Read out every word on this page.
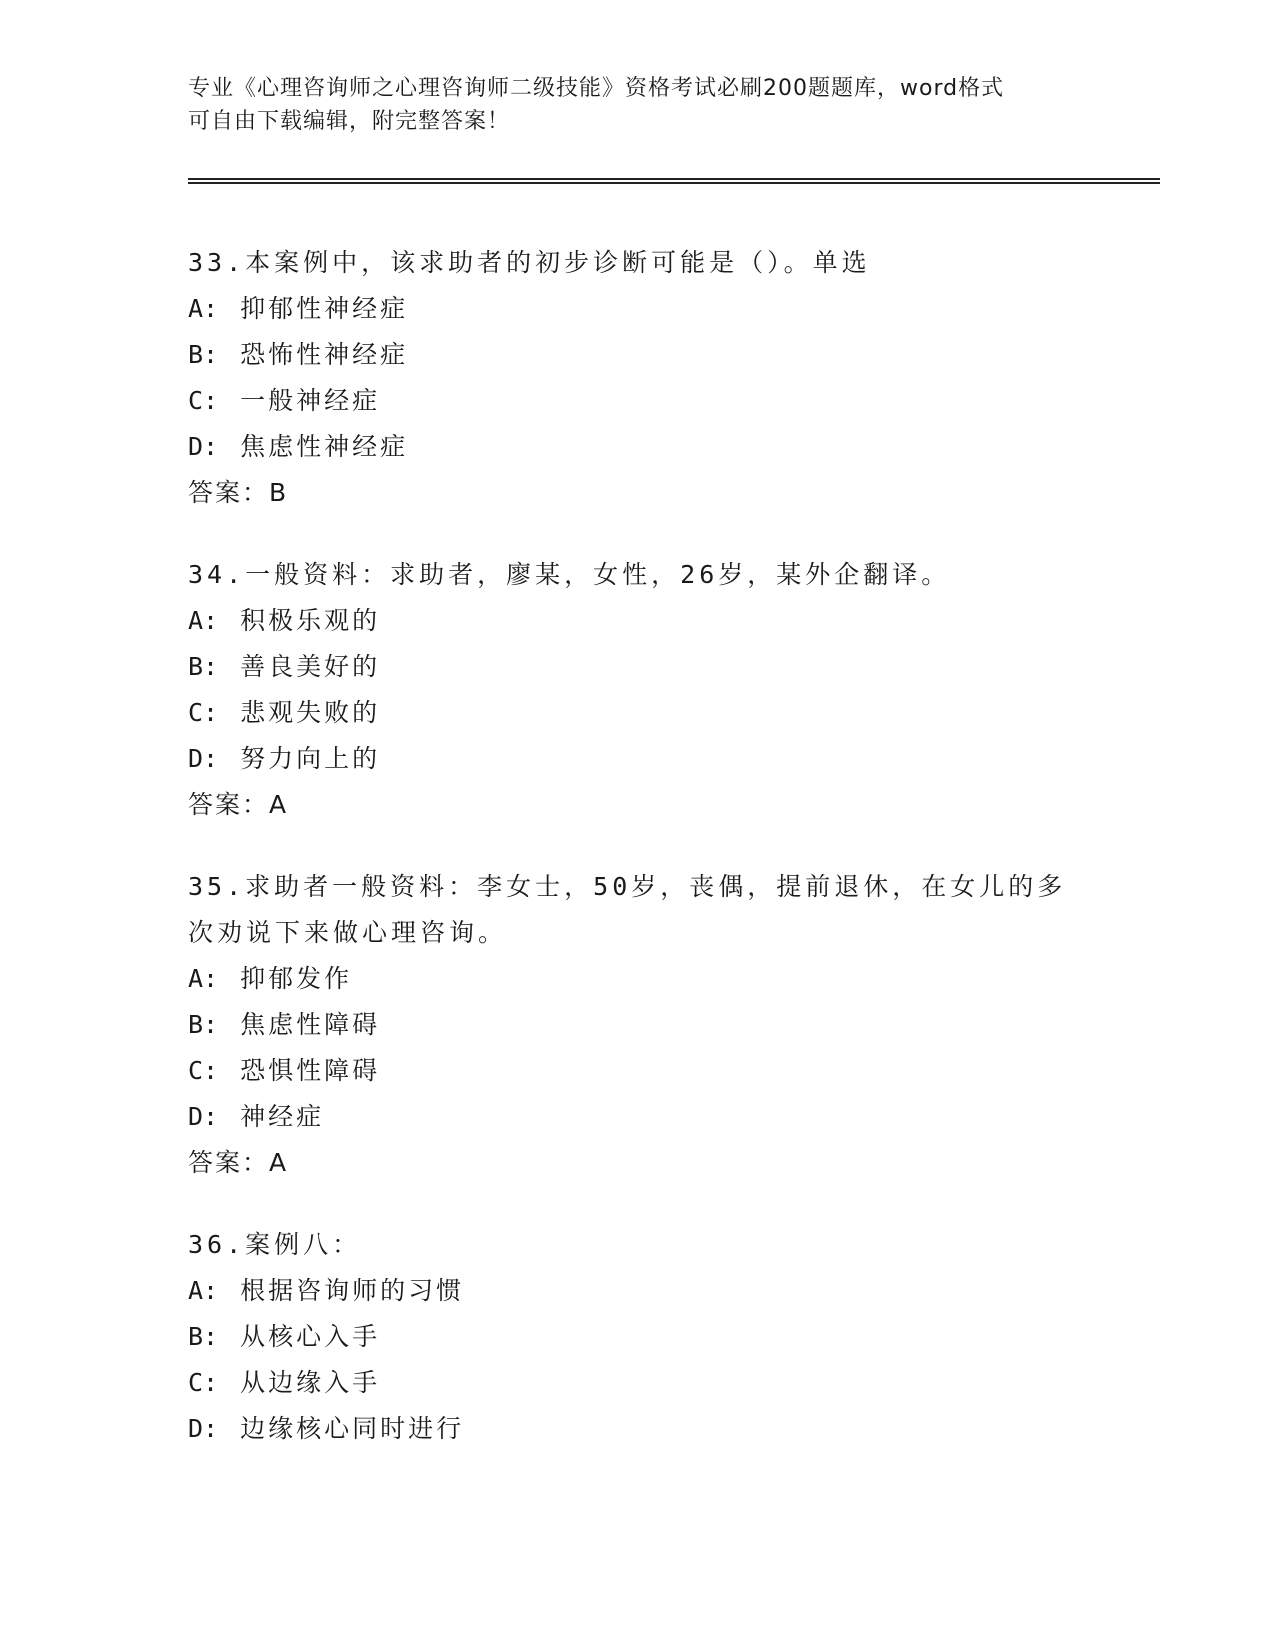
专业《心理咨询师之心理咨询师二级技能》资格考试必刷200题题库，word格式

可自由下载编辑，附完整答案！

33.本案例中，该求助者的初步诊断可能是（）。单选

A: 抑郁性神经症

B: 恐怖性神经症

C: 一般神经症

D: 焦虑性神经症

答案：B

34.一般资料：求助者，廖某，女性，26岁，某外企翻译。

A: 积极乐观的

B: 善良美好的

C: 悲观失败的

D: 努力向上的

答案：A

35.求助者一般资料：李女士，50岁，丧偶，提前退休，在女儿的多次劝说下来做心理咨询。

A: 抑郁发作

B: 焦虑性障碍

C: 恐惧性障碍

D: 神经症

答案：A

36.案例八：

A: 根据咨询师的习惯

B: 从核心入手

C: 从边缘入手

D: 边缘核心同时进行
